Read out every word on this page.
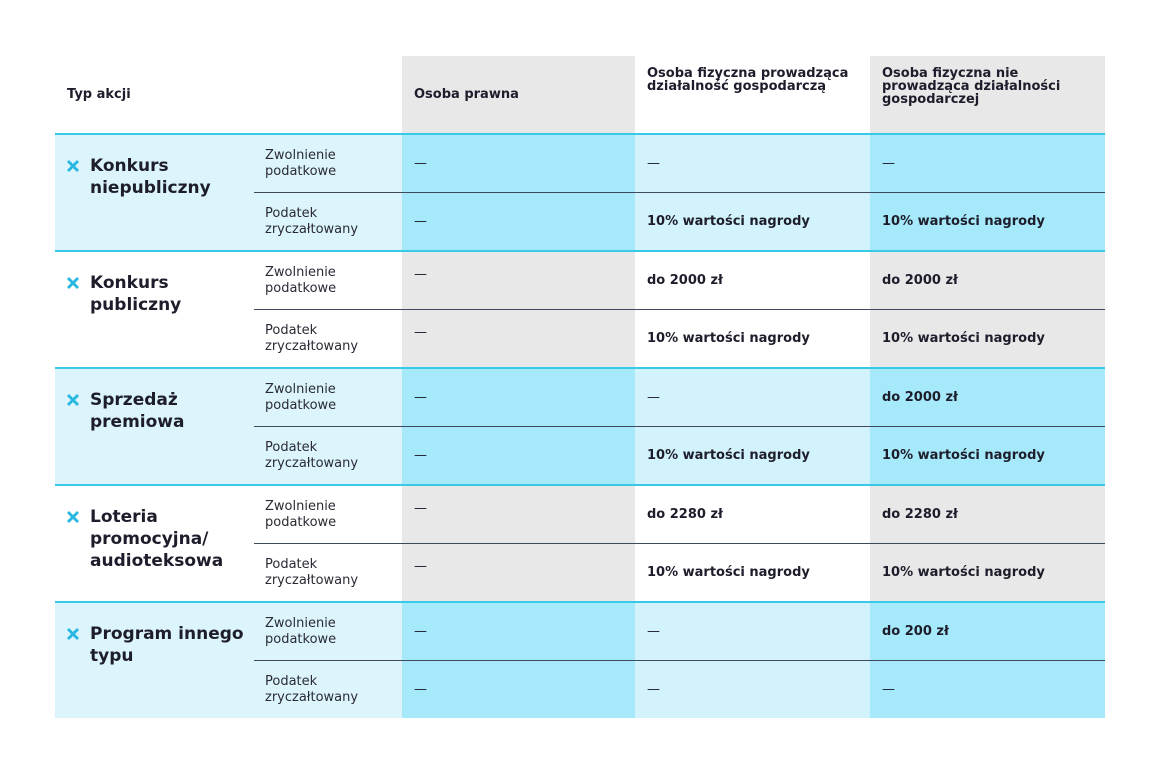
Typ akcji		Osoba prawna	Osoba fizyczna prowadząca działalność gospodarczą	Osoba fizyczna nie prowadząca działalności gospodarczej

Konkurs niepubliczny	Zwolnienie podatkowe	—	—	—
	Podatek zryczałtowany	—	10% wartości nagrody	10% wartości nagrody

Konkurs publiczny	Zwolnienie podatkowe	—	do 2000 zł	do 2000 zł
	Podatek zryczałtowany	—	10% wartości nagrody	10% wartości nagrody

Sprzedaż premiowa	Zwolnienie podatkowe	—	—	do 2000 zł
	Podatek zryczałtowany	—	10% wartości nagrody	10% wartości nagrody

Loteria promocyjna/ audioteksowa	Zwolnienie podatkowe	—	do 2280 zł	do 2280 zł
	Podatek zryczałtowany	—	10% wartości nagrody	10% wartości nagrody

Program innego typu	Zwolnienie podatkowe	—	—	do 200 zł
	Podatek zryczałtowany	—	—	—
